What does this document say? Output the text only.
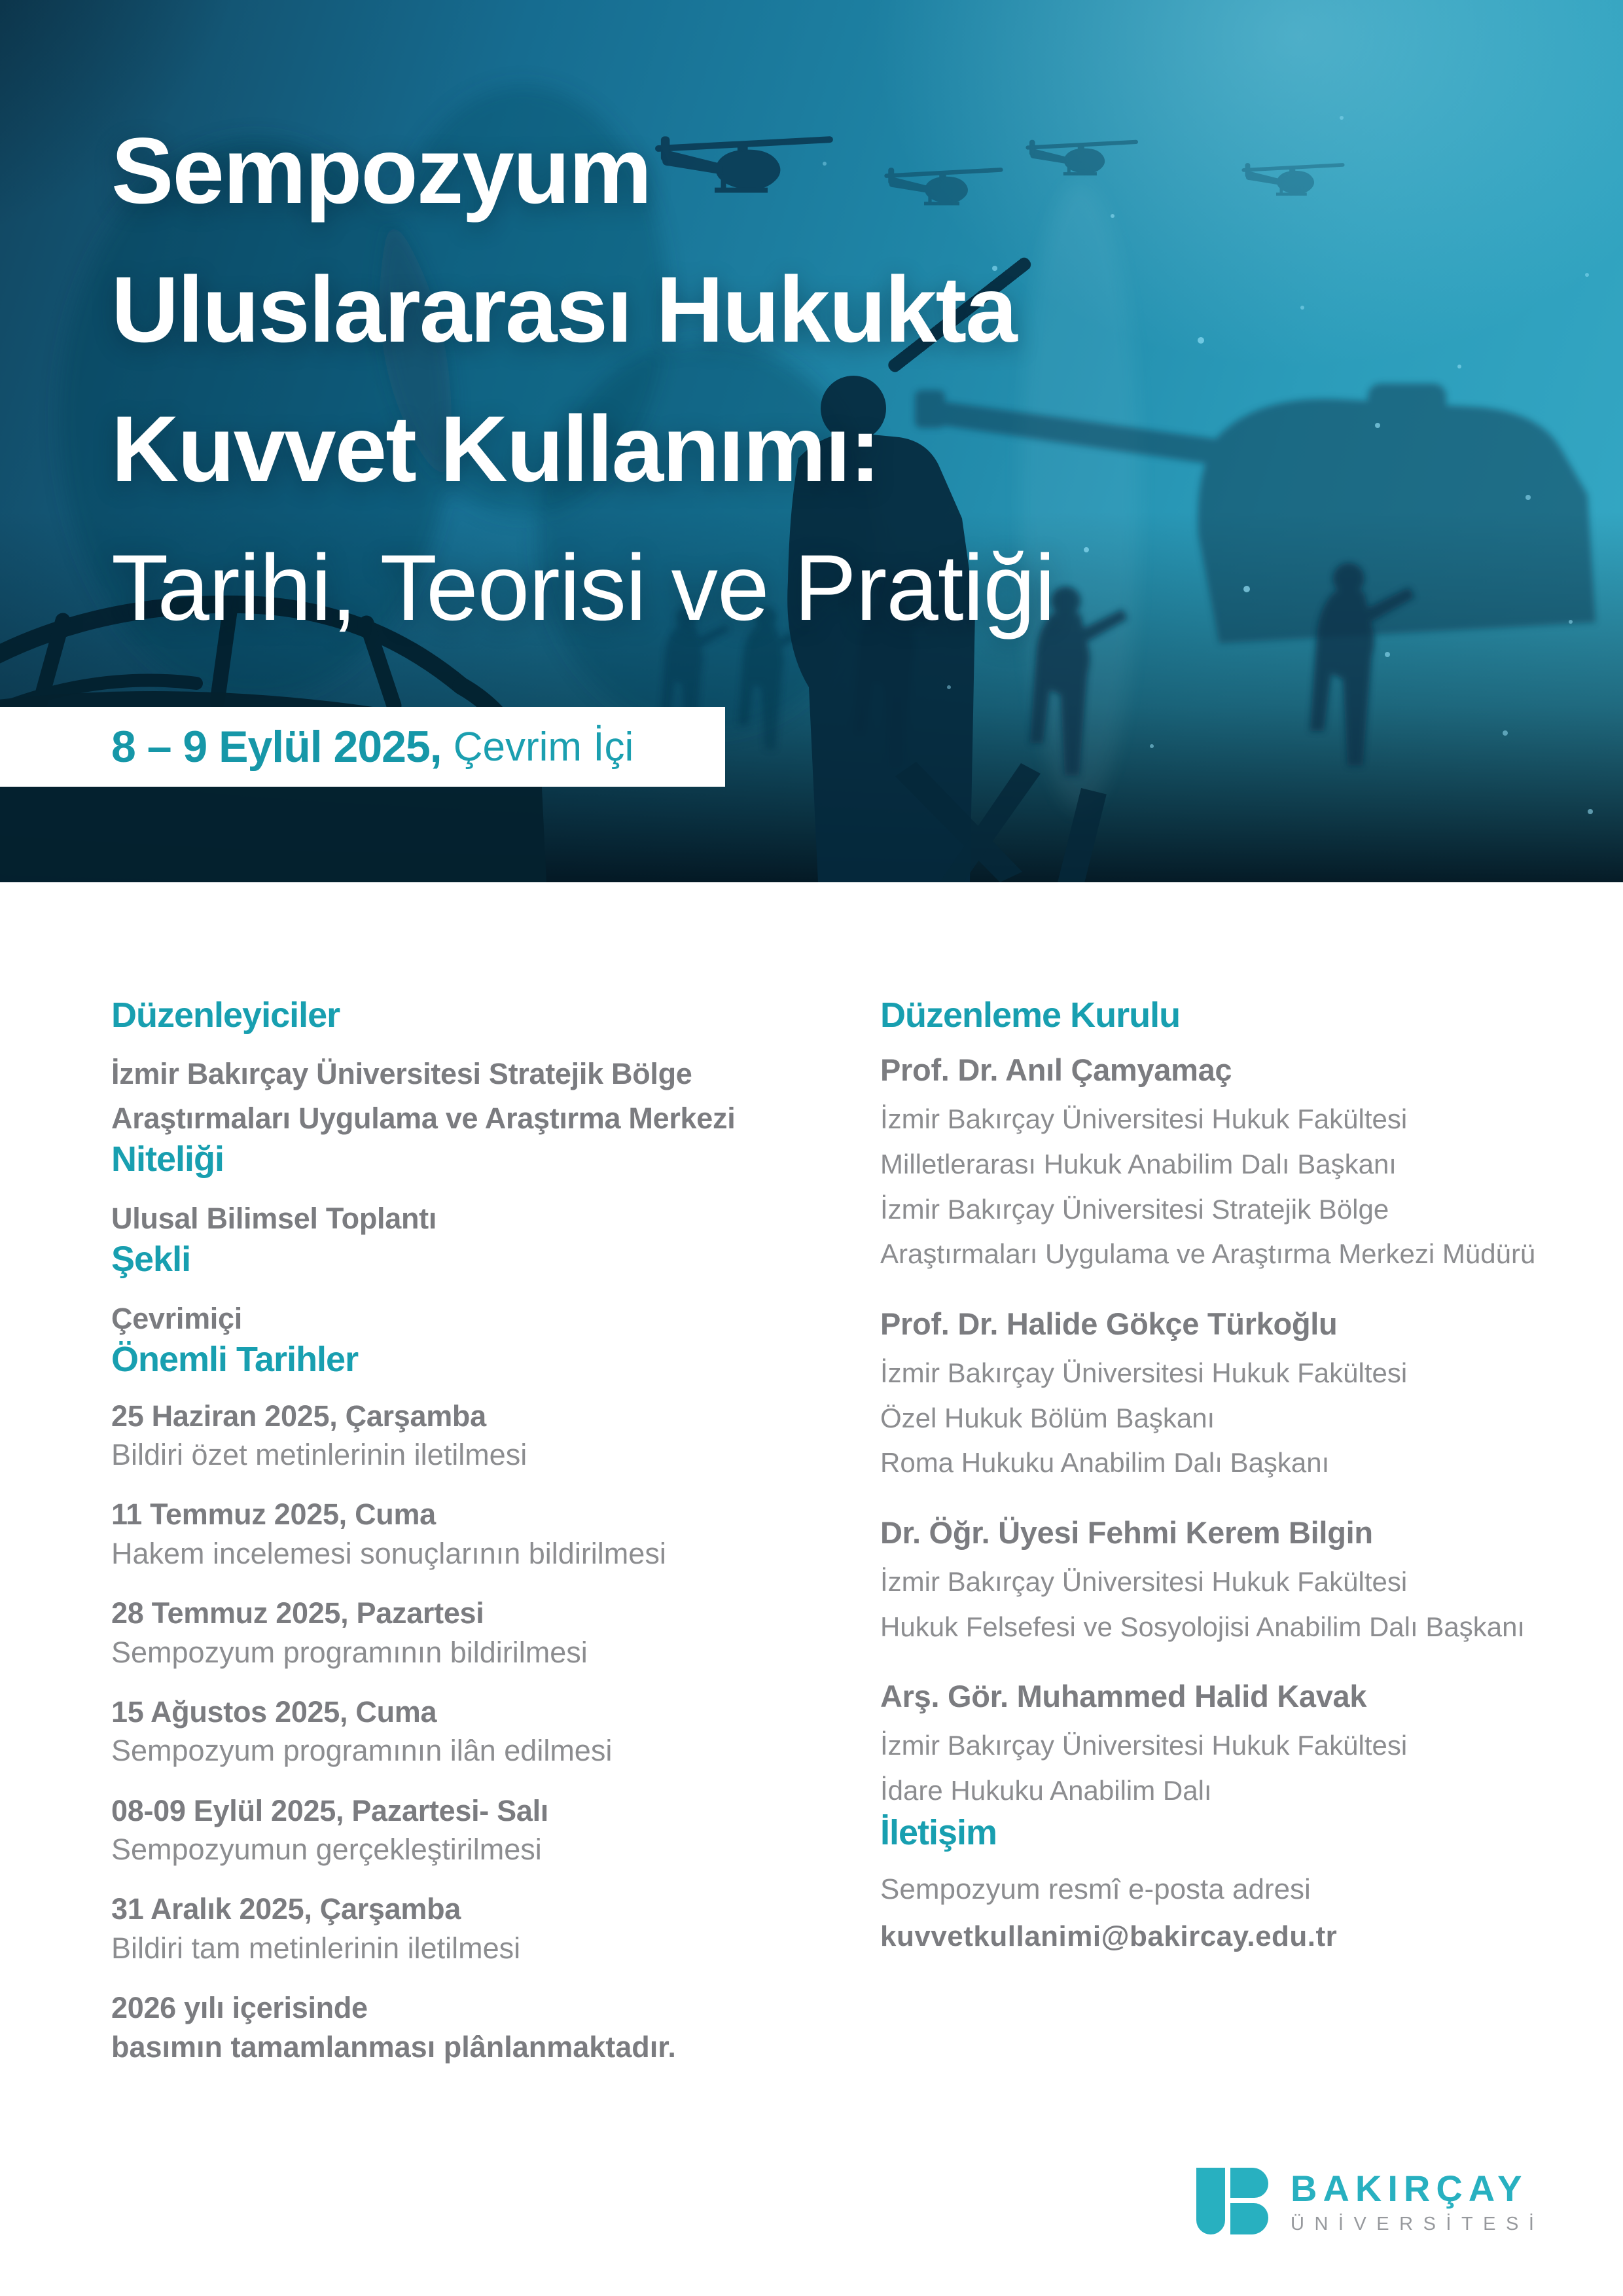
Sempozyum
Uluslararası Hukukta
Kuvvet Kullanımı:
Tarihi, Teorisi ve Pratiği
8 – 9 Eylül 2025, Çevrim İçi
Düzenleyiciler

İzmir Bakırçay Üniversitesi Stratejik Bölge
Araştırmaları Uygulama ve Araştırma Merkezi

Niteliği

Ulusal Bilimsel Toplantı

Şekli

Çevrimiçi

Önemli Tarihler
25 Haziran 2025, Çarşamba
Bildiri özet metinlerinin iletilmesi
11 Temmuz 2025, Cuma
Hakem incelemesi sonuçlarının bildirilmesi
28 Temmuz 2025, Pazartesi
Sempozyum programının bildirilmesi
15 Ağustos 2025, Cuma
Sempozyum programının ilân edilmesi
08-09 Eylül 2025, Pazartesi- Salı
Sempozyumun gerçekleştirilmesi
31 Aralık 2025, Çarşamba
Bildiri tam metinlerinin iletilmesi
2026 yılı içerisinde
basımın tamamlanması plânlanmaktadır.
Düzenleme Kurulu
Prof. Dr. Anıl Çamyamaç
İzmir Bakırçay Üniversitesi Hukuk Fakültesi
Milletlerarası Hukuk Anabilim Dalı Başkanı
İzmir Bakırçay Üniversitesi Stratejik Bölge
Araştırmaları Uygulama ve Araştırma Merkezi Müdürü
Prof. Dr. Halide Gökçe Türkoğlu
İzmir Bakırçay Üniversitesi Hukuk Fakültesi
Özel Hukuk Bölüm Başkanı
Roma Hukuku Anabilim Dalı Başkanı
Dr. Öğr. Üyesi Fehmi Kerem Bilgin
İzmir Bakırçay Üniversitesi Hukuk Fakültesi
Hukuk Felsefesi ve Sosyolojisi Anabilim Dalı Başkanı
Arş. Gör. Muhammed Halid Kavak
İzmir Bakırçay Üniversitesi Hukuk Fakültesi
İdare Hukuku Anabilim Dalı
İletişim

Sempozyum resmî e-posta adresi

kuvvetkullanimi@bakircay.edu.tr

BAKIRÇAY
ÜNİVERSİTESİ
